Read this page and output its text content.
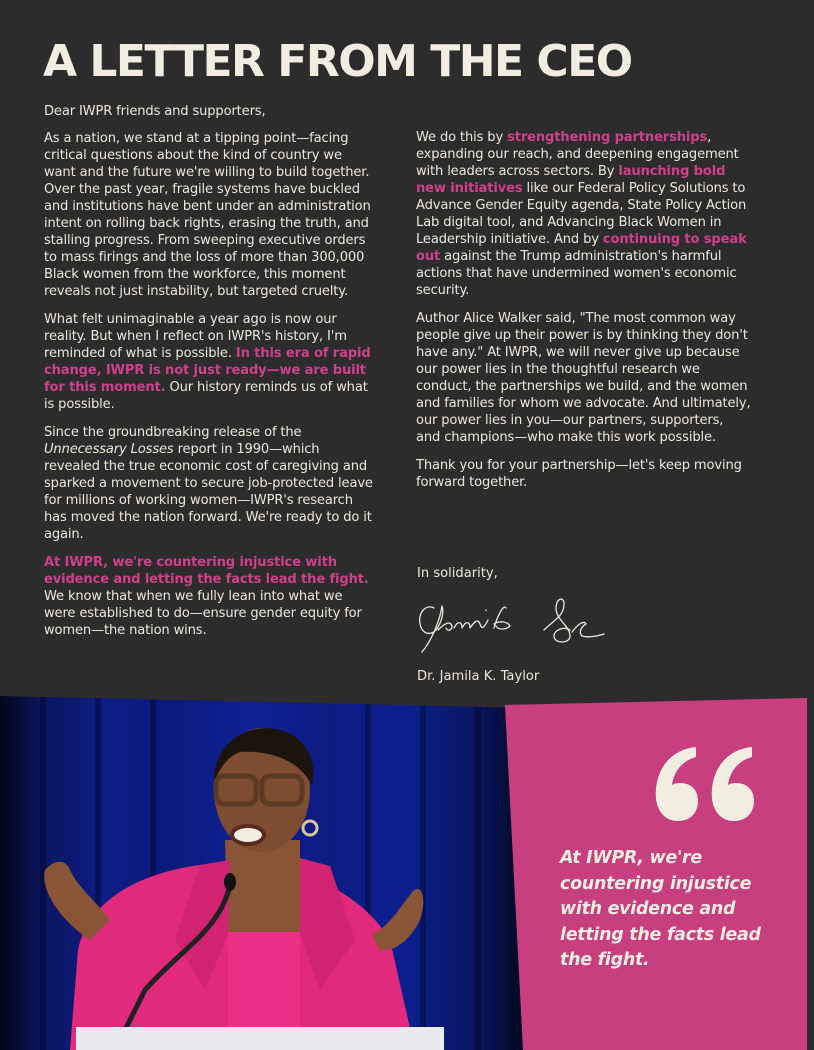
A LETTER FROM THE CEO

Dear IWPR friends and supporters,

As a nation, we stand at a tipping point—facing critical questions about the kind of country we want and the future we're willing to build together. Over the past year, fragile systems have buckled and institutions have bent under an administration intent on rolling back rights, erasing the truth, and stalling progress. From sweeping executive orders to mass firings and the loss of more than 300,000 Black women from the workforce, this moment reveals not just instability, but targeted cruelty.

What felt unimaginable a year ago is now our reality. But when I reflect on IWPR's history, I'm reminded of what is possible. In this era of rapid change, IWPR is not just ready—we are built for this moment. Our history reminds us of what is possible.

Since the groundbreaking release of the Unnecessary Losses report in 1990—which revealed the true economic cost of caregiving and sparked a movement to secure job-protected leave for millions of working women—IWPR's research has moved the nation forward. We're ready to do it again.

At IWPR, we're countering injustice with evidence and letting the facts lead the fight. We know that when we fully lean into what we were established to do—ensure gender equity for women—the nation wins.

We do this by strengthening partnerships, expanding our reach, and deepening engagement with leaders across sectors. By launching bold new initiatives like our Federal Policy Solutions to Advance Gender Equity agenda, State Policy Action Lab digital tool, and Advancing Black Women in Leadership initiative. And by continuing to speak out against the Trump administration's harmful actions that have undermined women's economic security.

Author Alice Walker said, "The most common way people give up their power is by thinking they don't have any." At IWPR, we will never give up because our power lies in the thoughtful research we conduct, the partnerships we build, and the women and families for whom we advocate. And ultimately, our power lies in you—our partners, supporters, and champions—who make this work possible.

Thank you for your partnership—let's keep moving forward together.

In solidarity,
Dr. Jamila K. Taylor

At IWPR, we're countering injustice with evidence and letting the facts lead the fight.
